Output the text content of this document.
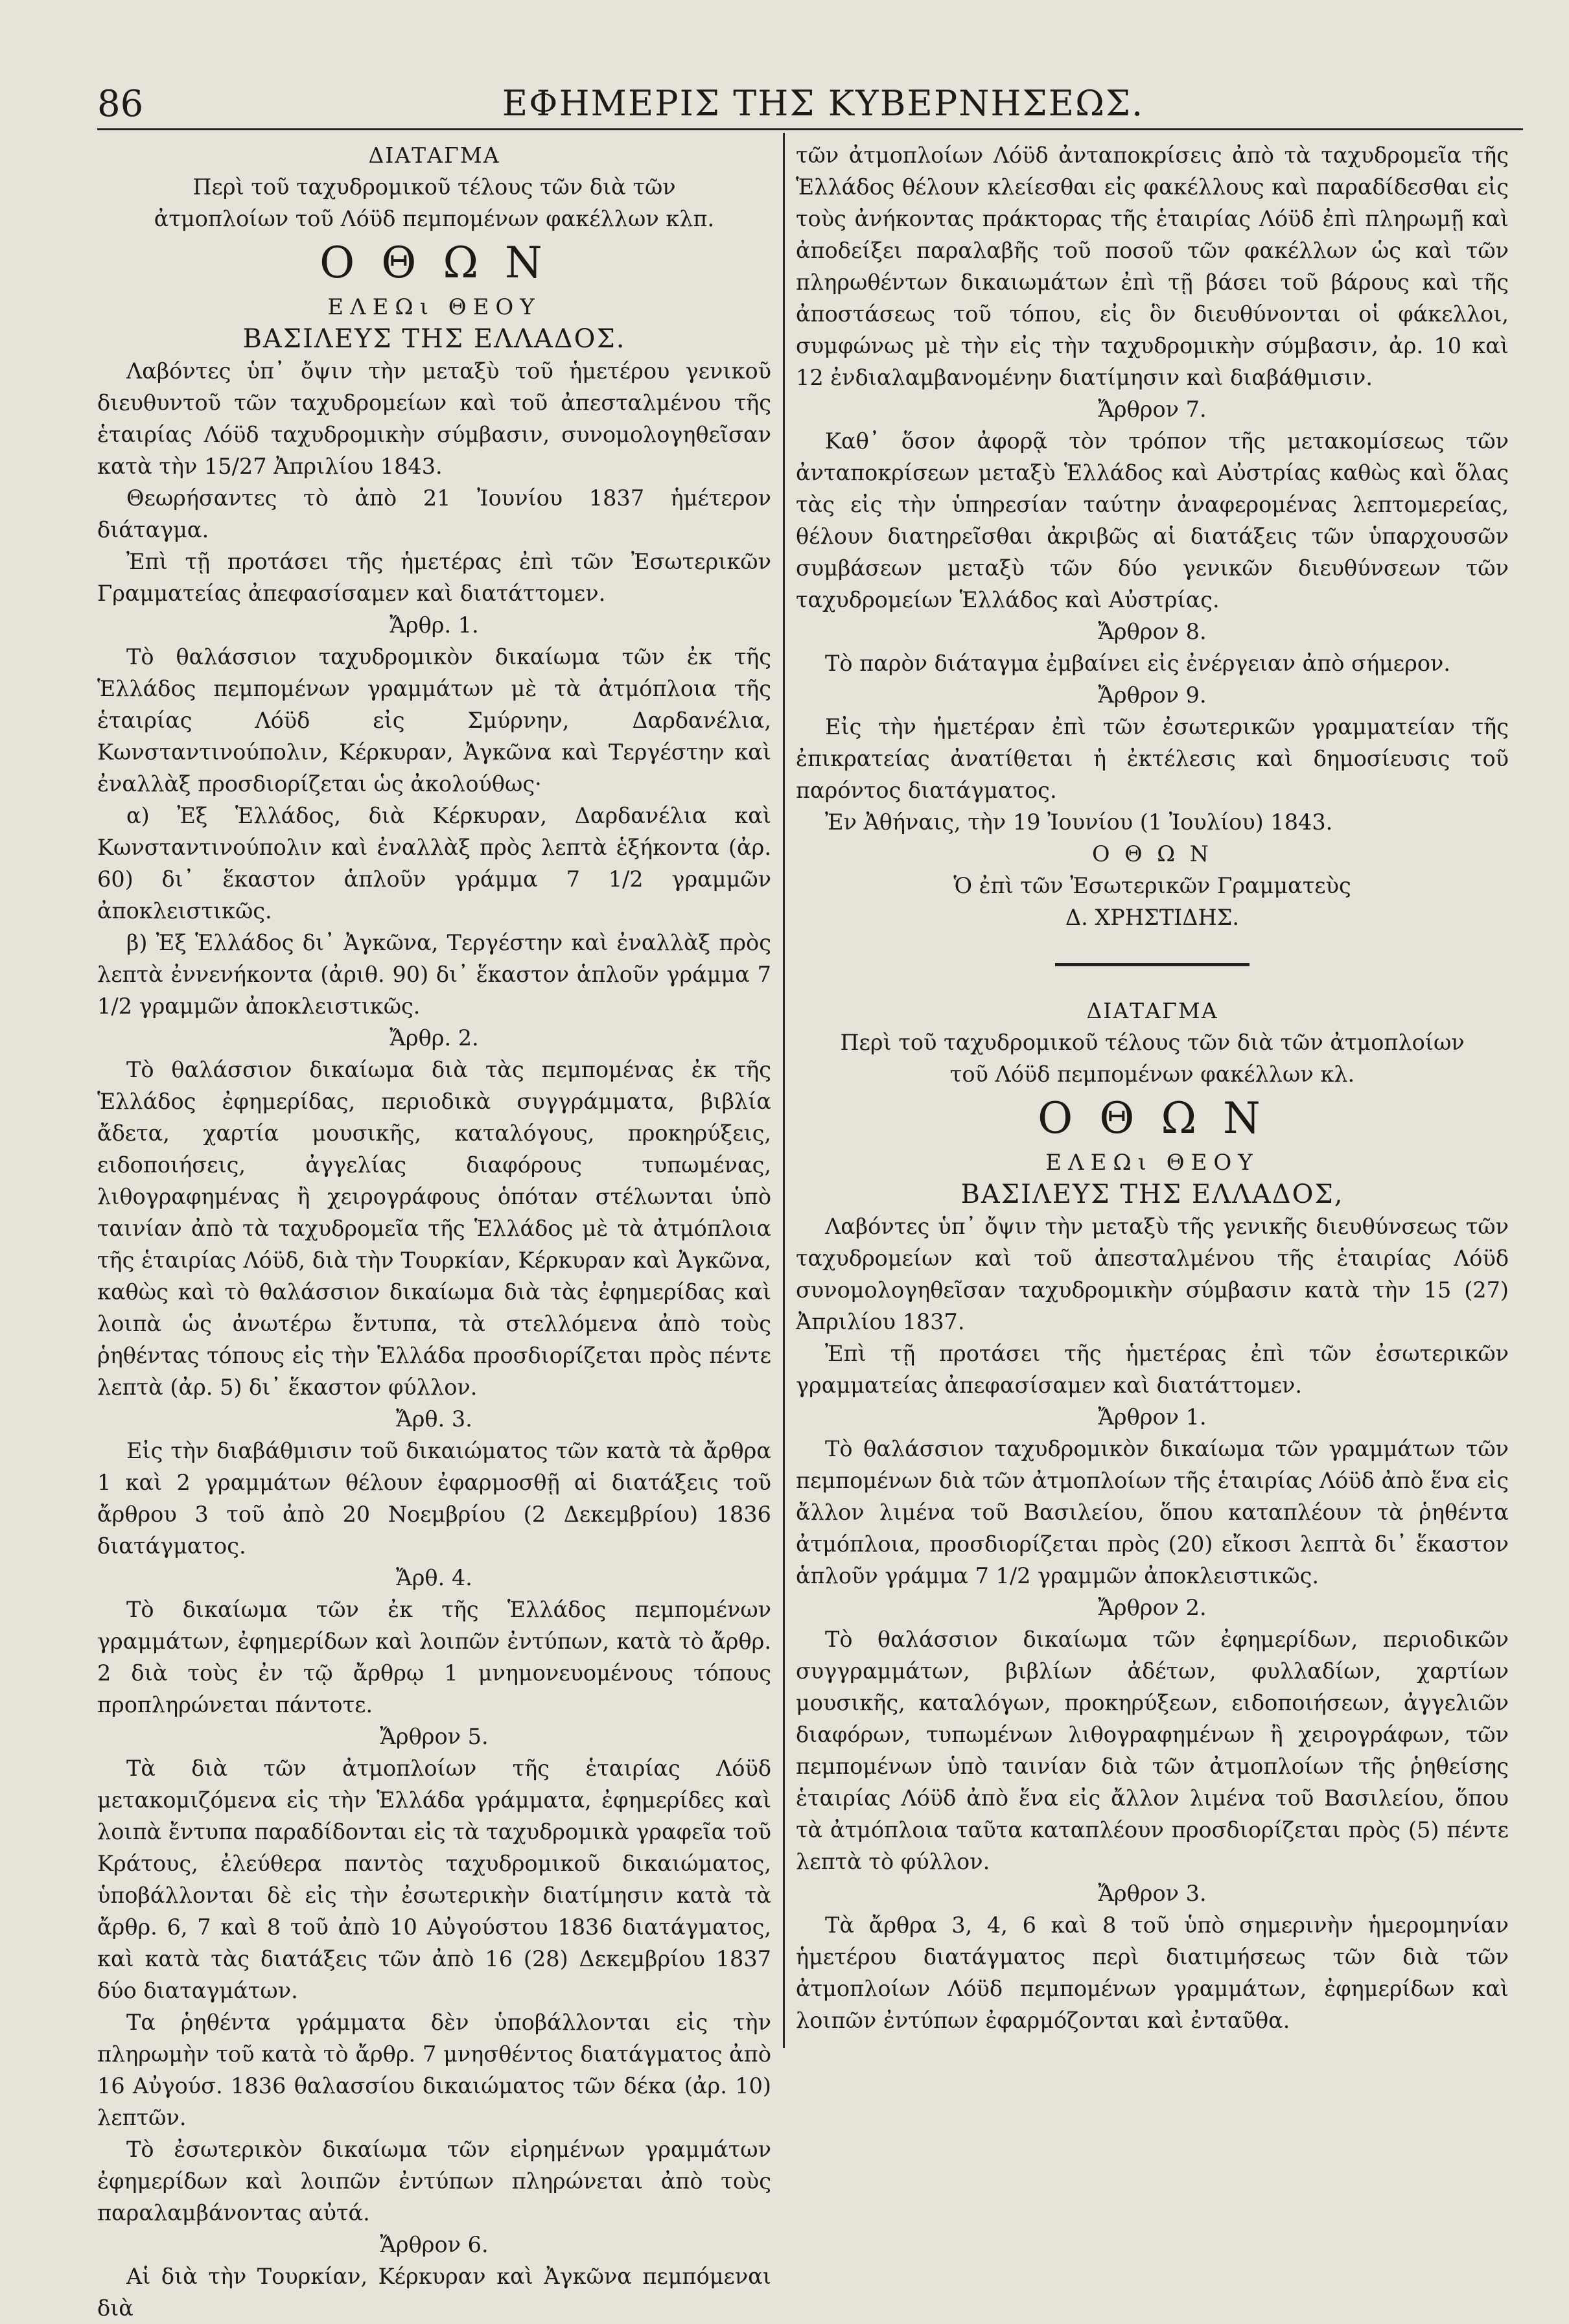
86	ΕΦΗΜΕΡΙΣ ΤΗΣ ΚΥΒΕΡΝΗΣΕΩΣ.
ΔΙΑΤΑΓΜΑ

Περὶ τοῦ ταχυδρομικοῦ τέλους τῶν διὰ τῶν ἀτμοπλοίων τοῦ Λόϋδ πεμπομένων φακέλλων κλπ.

Ο Θ Ω Ν
ΕΛΕΩι ΘΕΟΥ
ΒΑΣΙΛΕΥΣ ΤΗΣ ΕΛΛΑΔΟΣ.

Λαβόντες ὑπ᾽ ὄψιν τὴν μεταξὺ τοῦ ἡμετέρου γενικοῦ διευθυντοῦ τῶν ταχυδρομείων καὶ τοῦ ἀπεσταλμένου τῆς ἑταιρίας Λόϋδ ταχυδρομικὴν σύμβασιν, συνομολογηθεῖσαν κατὰ τὴν 15/27 Ἀπριλίου 1843.

Θεωρήσαντες τὸ ἀπὸ 21 Ἰουνίου 1837 ἡμέτερον διάταγμα.

Ἐπὶ τῇ προτάσει τῆς ἡμετέρας ἐπὶ τῶν Ἐσωτερικῶν Γραμματείας ἀπεφασίσαμεν καὶ διατάττομεν.

Ἄρθρ. 1.

Τὸ θαλάσσιον ταχυδρομικὸν δικαίωμα τῶν ἐκ τῆς Ἑλλάδος πεμπομένων γραμμάτων μὲ τὰ ἀτμόπλοια τῆς ἑταιρίας Λόϋδ εἰς Σμύρνην, Δαρδανέλια, Κωνσταντινούπολιν, Κέρκυραν, Ἀγκῶνα καὶ Τεργέστην καὶ ἐναλλὰξ προσδιορίζεται ὡς ἀκολούθως·

α) Ἐξ Ἑλλάδος, διὰ Κέρκυραν, Δαρδανέλια καὶ Κωνσταντινούπολιν καὶ ἐναλλὰξ πρὸς λεπτὰ ἑξήκοντα (ἀρ. 60) δι᾽ ἕκαστον ἁπλοῦν γράμμα 7 1/2 γραμμῶν ἀποκλειστικῶς.

β) Ἐξ Ἑλλάδος δι᾽ Ἀγκῶνα, Τεργέστην καὶ ἐναλλὰξ πρὸς λεπτὰ ἐννενήκοντα (ἀριθ. 90) δι᾽ ἕκαστον ἁπλοῦν γράμμα 7 1/2 γραμμῶν ἀποκλειστικῶς.

Ἄρθρ. 2.

Τὸ θαλάσσιον δικαίωμα διὰ τὰς πεμπομένας ἐκ τῆς Ἑλλάδος ἐφημερίδας, περιοδικὰ συγγράμματα, βιβλία ἄδετα, χαρτία μουσικῆς, καταλόγους, προκηρύξεις, ειδοποιήσεις, ἀγγελίας διαφόρους τυπωμένας, λιθογραφημένας ἢ χειρογράφους ὁπόταν στέλωνται ὑπὸ ταινίαν ἀπὸ τὰ ταχυδρομεῖα τῆς Ἑλλάδος μὲ τὰ ἀτμόπλοια τῆς ἑταιρίας Λόϋδ, διὰ τὴν Τουρκίαν, Κέρκυραν καὶ Ἀγκῶνα, καθὼς καὶ τὸ θαλάσσιον δικαίωμα διὰ τὰς ἐφημερίδας καὶ λοιπὰ ὡς ἀνωτέρω ἔντυπα, τὰ στελλόμενα ἀπὸ τοὺς ῥηθέντας τόπους εἰς τὴν Ἑλλάδα προσδιορίζεται πρὸς πέντε λεπτὰ (ἀρ. 5) δι᾽ ἕκαστον φύλλον.

Ἄρθ. 3.

Εἰς τὴν διαβάθμισιν τοῦ δικαιώματος τῶν κατὰ τὰ ἄρθρα 1 καὶ 2 γραμμάτων θέλουν ἐφαρμοσθῇ αἱ διατάξεις τοῦ ἄρθρου 3 τοῦ ἀπὸ 20 Νοεμβρίου (2 Δεκεμβρίου) 1836 διατάγματος.

Ἄρθ. 4.

Τὸ δικαίωμα τῶν ἐκ τῆς Ἑλλάδος πεμπομένων γραμμάτων, ἐφημερίδων καὶ λοιπῶν ἐντύπων, κατὰ τὸ ἄρθρ. 2 διὰ τοὺς ἐν τῷ ἄρθρῳ 1 μνημονευομένους τόπους προπληρώνεται πάντοτε.

Ἄρθρον 5.

Τὰ διὰ τῶν ἀτμοπλοίων τῆς ἑταιρίας Λόϋδ μετακομιζόμενα εἰς τὴν Ἑλλάδα γράμματα, ἐφημερίδες καὶ λοιπὰ ἔντυπα παραδίδονται εἰς τὰ ταχυδρομικὰ γραφεῖα τοῦ Κράτους, ἐλεύθερα παντὸς ταχυδρομικοῦ δικαιώματος, ὑποβάλλονται δὲ εἰς τὴν ἐσωτερικὴν διατίμησιν κατὰ τὰ ἄρθρ. 6, 7 καὶ 8 τοῦ ἀπὸ 10 Αὐγούστου 1836 διατάγματος, καὶ κατὰ τὰς διατάξεις τῶν ἀπὸ 16 (28) Δεκεμβρίου 1837 δύο διαταγμάτων.

Τα ῥηθέντα γράμματα δὲν ὑποβάλλονται εἰς τὴν πληρωμὴν τοῦ κατὰ τὸ ἄρθρ. 7 μνησθέντος διατάγματος ἀπὸ 16 Αὐγούσ. 1836 θαλασσίου δικαιώματος τῶν δέκα (ἀρ. 10) λεπτῶν.

Τὸ ἐσωτερικὸν δικαίωμα τῶν εἰρημένων γραμμάτων ἐφημερίδων καὶ λοιπῶν ἐντύπων πληρώνεται ἀπὸ τοὺς παραλαμβάνοντας αὐτά.

Ἄρθρον 6.

Αἱ διὰ τὴν Τουρκίαν, Κέρκυραν καὶ Ἀγκῶνα πεμπόμεναι διὰ

τῶν ἀτμοπλοίων Λόϋδ ἀνταποκρίσεις ἀπὸ τὰ ταχυδρομεῖα τῆς Ἑλλάδος θέλουν κλείεσθαι εἰς φακέλλους καὶ παραδίδεσθαι εἰς τοὺς ἀνήκοντας πράκτορας τῆς ἑταιρίας Λόϋδ ἐπὶ πληρωμῇ καὶ ἀποδείξει παραλαβῆς τοῦ ποσοῦ τῶν φακέλλων ὡς καὶ τῶν πληρωθέντων δικαιωμάτων ἐπὶ τῇ βάσει τοῦ βάρους καὶ τῆς ἀποστάσεως τοῦ τόπου, εἰς ὃν διευθύνονται οἱ φάκελλοι, συμφώνως μὲ τὴν εἰς τὴν ταχυδρομικὴν σύμβασιν, ἀρ. 10 καὶ 12 ἐνδιαλαμβανομένην διατίμησιν καὶ διαβάθμισιν.

Ἄρθρον 7.

Καθ᾽ ὅσον ἀφορᾷ τὸν τρόπον τῆς μετακομίσεως τῶν ἀνταποκρίσεων μεταξὺ Ἑλλάδος καὶ Αὐστρίας καθὼς καὶ ὅλας τὰς εἰς τὴν ὑπηρεσίαν ταύτην ἀναφερομένας λεπτομερείας, θέλουν διατηρεῖσθαι ἀκριβῶς αἱ διατάξεις τῶν ὑπαρχουσῶν συμβάσεων μεταξὺ τῶν δύο γενικῶν διευθύνσεων τῶν ταχυδρομείων Ἑλλάδος καὶ Αὐστρίας.

Ἄρθρον 8.

Τὸ παρὸν διάταγμα ἐμβαίνει εἰς ἐνέργειαν ἀπὸ σήμερον.

Ἄρθρον 9.

Εἰς τὴν ἡμετέραν ἐπὶ τῶν ἐσωτερικῶν γραμματείαν τῆς ἐπικρατείας ἀνατίθεται ἡ ἐκτέλεσις καὶ δημοσίευσις τοῦ παρόντος διατάγματος.

Ἐν Ἀθήναις, τὴν 19 Ἰουνίου (1 Ἰουλίου) 1843.

Ο Θ Ω Ν
Ὁ ἐπὶ τῶν Ἐσωτερικῶν Γραμματεὺς
Δ. ΧΡΗΣΤΙΔΗΣ.
ΔΙΑΤΑΓΜΑ

Περὶ τοῦ ταχυδρομικοῦ τέλους τῶν διὰ τῶν ἀτμοπλοίων τοῦ Λόϋδ πεμπομένων φακέλλων κλ.

Ο Θ Ω Ν
ΕΛΕΩι ΘΕΟΥ
ΒΑΣΙΛΕΥΣ ΤΗΣ ΕΛΛΑΔΟΣ,

Λαβόντες ὑπ᾽ ὄψιν τὴν μεταξὺ τῆς γενικῆς διευθύνσεως τῶν ταχυδρομείων καὶ τοῦ ἀπεσταλμένου τῆς ἑταιρίας Λόϋδ συνομολογηθεῖσαν ταχυδρομικὴν σύμβασιν κατὰ τὴν 15 (27) Ἀπριλίου 1837.

Ἐπὶ τῇ προτάσει τῆς ἡμετέρας ἐπὶ τῶν ἐσωτερικῶν γραμματείας ἀπεφασίσαμεν καὶ διατάττομεν.

Ἄρθρον 1.

Τὸ θαλάσσιον ταχυδρομικὸν δικαίωμα τῶν γραμμάτων τῶν πεμπομένων διὰ τῶν ἀτμοπλοίων τῆς ἑταιρίας Λόϋδ ἀπὸ ἕνα εἰς ἄλλον λιμένα τοῦ Βασιλείου, ὅπου καταπλέουν τὰ ῥηθέντα ἀτμόπλοια, προσδιορίζεται πρὸς (20) εἴκοσι λεπτὰ δι᾽ ἕκαστον ἁπλοῦν γράμμα 7 1/2 γραμμῶν ἀποκλειστικῶς.

Ἄρθρον 2.

Τὸ θαλάσσιον δικαίωμα τῶν ἐφημερίδων, περιοδικῶν συγγραμμάτων, βιβλίων ἀδέτων, φυλλαδίων, χαρτίων μουσικῆς, καταλόγων, προκηρύξεων, ειδοποιήσεων, ἀγγελιῶν διαφόρων, τυπωμένων λιθογραφημένων ἢ χειρογράφων, τῶν πεμπομένων ὑπὸ ταινίαν διὰ τῶν ἀτμοπλοίων τῆς ῥηθείσης ἑταιρίας Λόϋδ ἀπὸ ἕνα εἰς ἄλλον λιμένα τοῦ Βασιλείου, ὅπου τὰ ἀτμόπλοια ταῦτα καταπλέουν προσδιορίζεται πρὸς (5) πέντε λεπτὰ τὸ φύλλον.

Ἄρθρον 3.

Τὰ ἄρθρα 3, 4, 6 καὶ 8 τοῦ ὑπὸ σημερινὴν ἡμερομηνίαν ἡμετέρου διατάγματος περὶ διατιμήσεως τῶν διὰ τῶν ἀτμοπλοίων Λόϋδ πεμπομένων γραμμάτων, ἐφημερίδων καὶ λοιπῶν ἐντύπων ἐφαρμόζονται καὶ ἐνταῦθα.
